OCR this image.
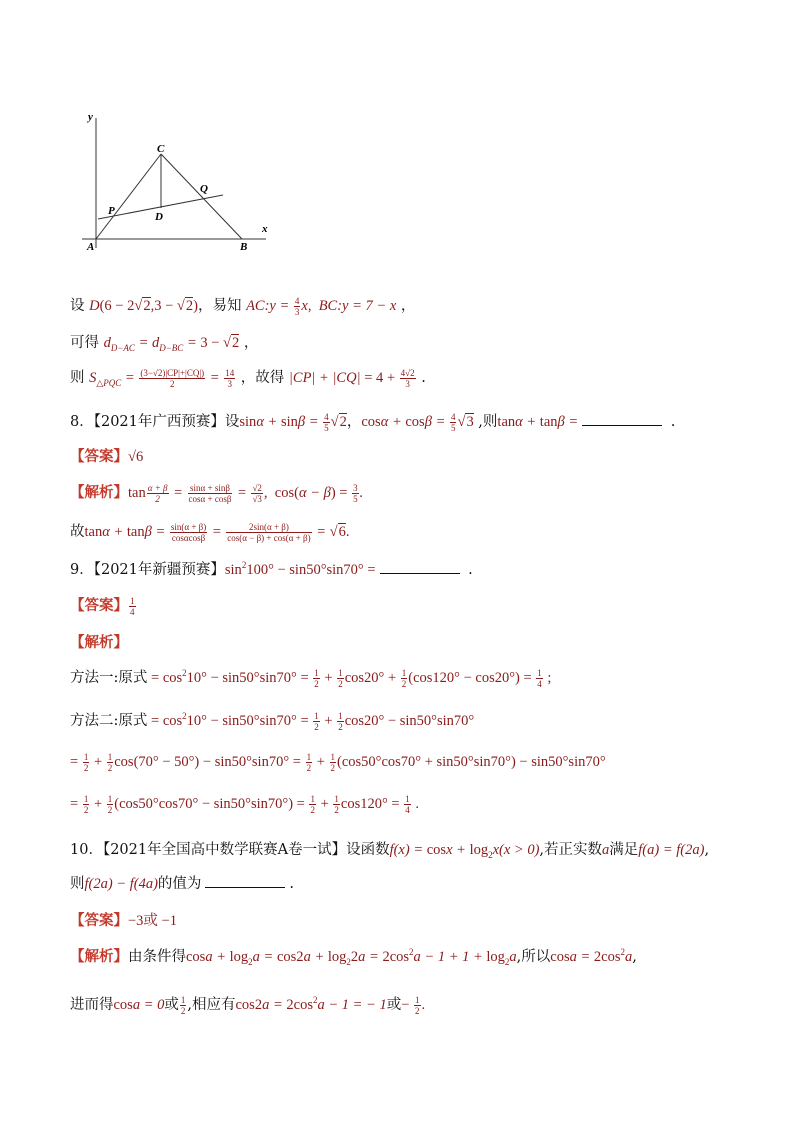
y
x
A	B
C
D
P
Q
设 D(6 − 2√2,3 − √2)，易知 AC:y = $\frac{4}{3} x$,  BC:y = 7 − x ，
可得 $d_{D-AC} = d_{D-BC} = 3 - √2$ ，
则 $S_{\triangle PQC} = \frac{(3-√2)|CP|+|CQ|)}{2} = \frac{14}{3}$ ，故得 $|CP| + |CQ| = 4 + \frac{4√2}{3}$ .
8．【2021年广西预赛】设$\sin\alpha + \sin\beta = \frac{4}{5} √2$，$\cos\alpha + \cos\beta = \frac{4}{5} √3$ ,则tanα + tanβ =	.
【答案】√6
【解析】$\tan \frac{\alpha + \beta}{2} = \frac{\sin\alpha + \sin\beta}{\cos\alpha + \cos\beta} = \frac{√2}{√3}$ ,  $\cos(\alpha - \beta) = \frac{3}{5}$ .
故$\tan\alpha + \tan\beta = \frac{\sin(\alpha + \beta)}{\cos\alpha\cos\beta} = \frac{2\sin(\alpha + \beta)}{\cos(\alpha - \beta) + \cos(\alpha + \beta)} = √6$.
9．【2021年新疆预赛】$\sin^2100^\circ - \sin 50^\circ\sin 70^\circ$ =	.
【答案】 $\frac{1}{4}$
【解析】
方法一:原式 = $\cos^210^\circ - \sin 50^\circ\sin 70^\circ = \frac{1}{2} + \frac{1}{2} \cos 20^\circ + \frac{1}{2} (\cos 120^\circ - \cos 20^\circ) = \frac{1}{4}$ ;
方法二:原式 = $\cos^210^\circ - \sin 50^\circ\sin 70^\circ = \frac{1}{2} + \frac{1}{2} \cos 20^\circ - \sin 50^\circ\sin 70^\circ$
= $\frac{1}{2} + \frac{1}{2} \cos(70^\circ - 50^\circ) - \sin 50^\circ\sin 70^\circ = \frac{1}{2} + \frac{1}{2} (\cos 50^\circ\cos 70^\circ + \sin 50^\circ\sin 70^\circ) - \sin 50^\circ\sin 70^\circ$
= $\frac{1}{2} + \frac{1}{2} (\cos 50^\circ\cos 70^\circ - \sin 50^\circ\sin 70^\circ) = \frac{1}{2} + \frac{1}{2} \cos 120^\circ = \frac{1}{4}$ .
10．【2021年全国高中数学联赛A卷一试】设函数$f(x) = \cos x + \log_2x(x > 0)$,若正实数a满足f(a) = f(2a),
则f(2a) − f(4a)的值为	.
【答案】−3或 −1
【解析】由条件得$\cos a + \log_2a = \cos 2a + \log_22a = 2\cos^2a - 1 + 1 + \log_2a$,所以$\cos a = 2\cos^2a$,
进而得cosa = 0或 $\frac{1}{2}$ ,相应有$\cos 2a = 2\cos^2a - 1$ = − 1或− $\frac{1}{2}$ .
